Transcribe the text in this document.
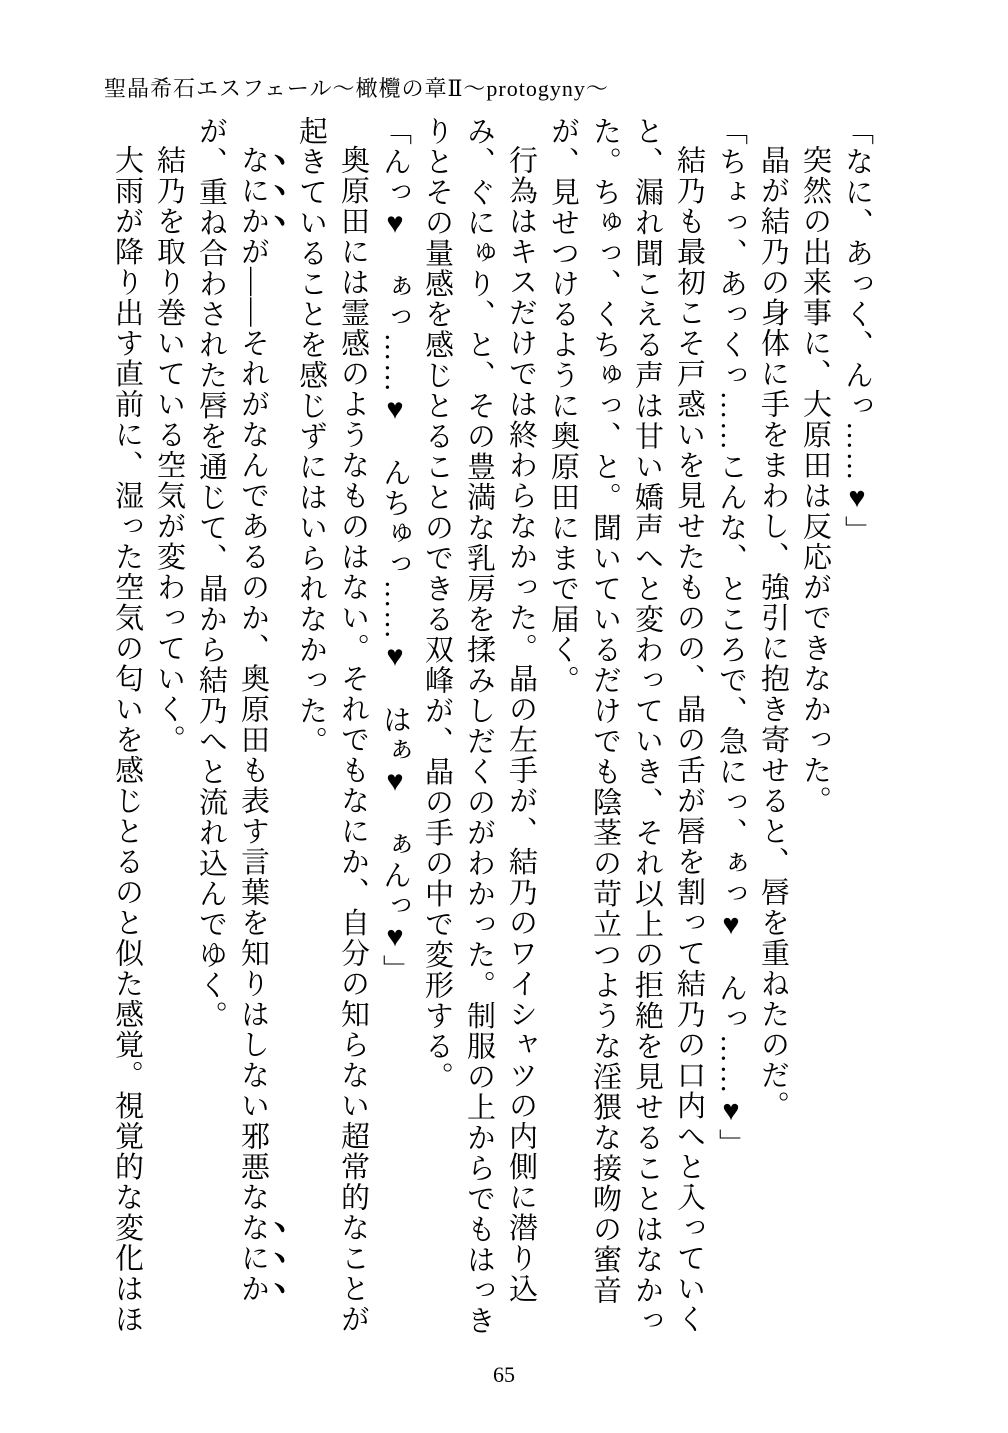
聖晶希石エスフェール～橄欖の章Ⅱ～protogyny～

「なに、あっく、んっ……♥」

突然の出来事に、大原田は反応ができなかった。

晶が結乃の身体に手をまわし、強引に抱き寄せると、唇を重ねたのだ。

「ちょっ、あっくっ……こんな、ところで、急にっ、ぁっ♥　んっ……♥」

結乃も最初こそ戸惑いを見せたものの、晶の舌が唇を割って結乃の口内へと入っていくと、漏れ聞こえる声は甘い嬌声へと変わっていき、それ以上の拒絶を見せることはなかった。ちゅっ、くちゅっ、と。聞いているだけでも陰茎の苛立つような淫猥な接吻の蜜音が、見せつけるように奥原田にまで届く。

行為はキスだけでは終わらなかった。晶の左手が、結乃のワイシャツの内側に潜り込み、ぐにゅり、と、その豊満な乳房を揉みしだくのがわかった。制服の上からでもはっきりとその量感を感じとることのできる双峰が、晶の手の中で変形する。

「んっ♥　ぁっ……♥　んちゅっ……♥　はぁ♥　ぁんっ♥」

奥原田には霊感のようなものはない。それでもなにか、自分の知らない超常的なことが起きていることを感じずにはいられなかった。

なにかが――それがなんであるのか、奥原田も表す言葉を知りはしない邪悪ななにかが、重ね合わされた唇を通じて、晶から結乃へと流れ込んでゆく。

結乃を取り巻いている空気が変わっていく。

大雨が降り出す直前に、湿った空気の匂いを感じとるのと似た感覚。視覚的な変化はほ

65
